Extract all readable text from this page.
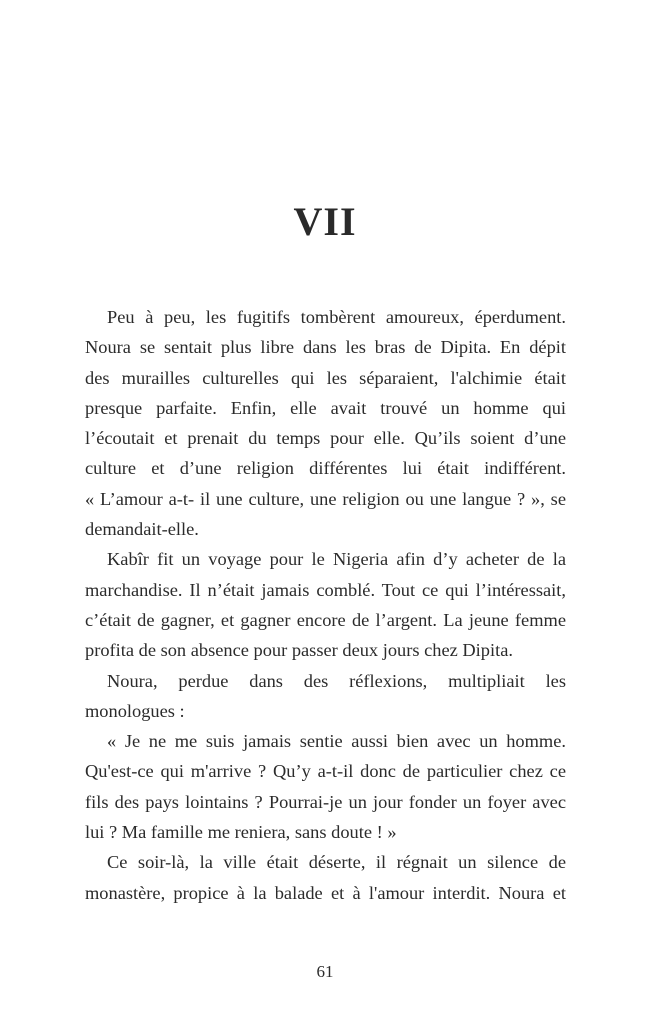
VII
Peu à peu, les fugitifs tombèrent amoureux, éperdument.
Noura se sentait plus libre dans les bras de Dipita. En dépit
des murailles culturelles qui les séparaient, l'alchimie était
presque parfaite. Enfin, elle avait trouvé un homme qui
l’écoutait et prenait du temps pour elle. Qu’ils soient d’une
culture et d’une religion différentes lui était indifférent.
« L’amour a-t- il une culture, une religion ou une langue ? », se
demandait-elle.
Kabîr fit un voyage pour le Nigeria afin d’y acheter de la
marchandise. Il n’était jamais comblé. Tout ce qui l’intéressait,
c’était de gagner, et gagner encore de l’argent. La jeune femme
profita de son absence pour passer deux jours chez Dipita.
Noura, perdue dans des réflexions, multipliait les
monologues :
« Je ne me suis jamais sentie aussi bien avec un homme.
Qu'est-ce qui m'arrive ? Qu’y a-t-il donc de particulier chez ce
fils des pays lointains ? Pourrai-je un jour fonder un foyer avec
lui ? Ma famille me reniera, sans doute ! »
Ce soir-là, la ville était déserte, il régnait un silence de
monastère, propice à la balade et à l'amour interdit. Noura et
61
